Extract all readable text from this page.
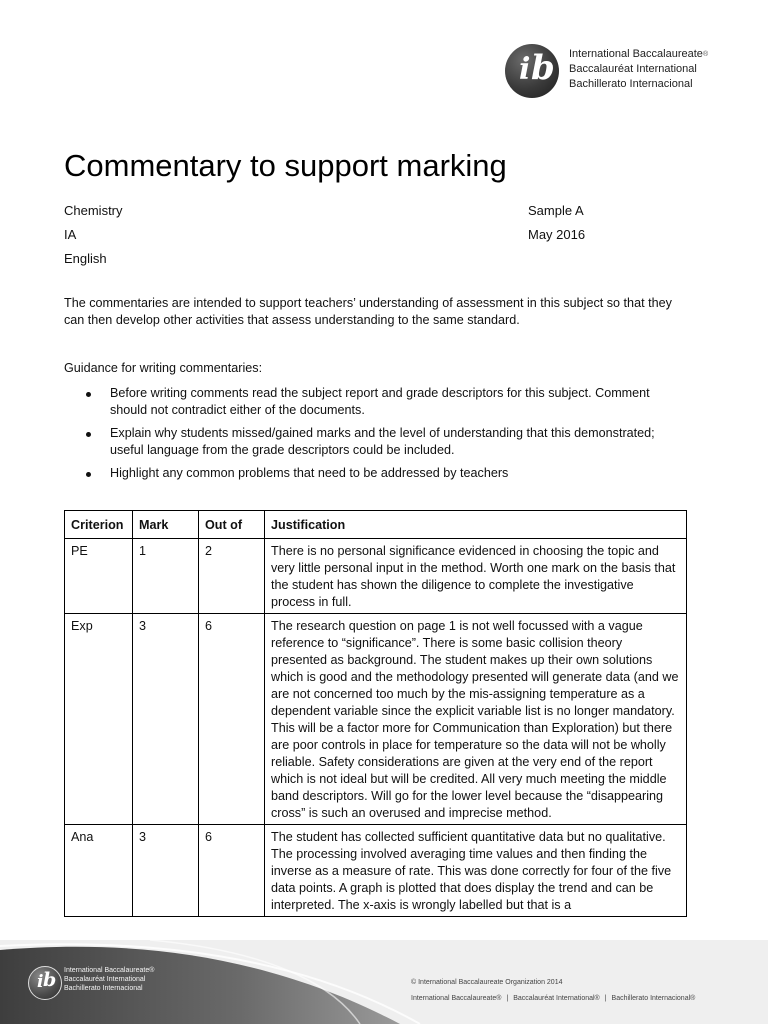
i b International Baccalaureate®
Baccalauréat International
Bachillerato Internacional
Commentary to support marking
Chemistry
IA
English
Sample A
May 2016
The commentaries are intended to support teachers’ understanding of assessment in this subject so that they can then develop other activities that assess understanding to the same standard.
Guidance for writing commentaries:
Before writing comments read the subject report and grade descriptors for this subject. Comment should not contradict either of the documents.
Explain why students missed/gained marks and the level of understanding that this demonstrated; useful language from the grade descriptors could be included.
Highlight any common problems that need to be addressed by teachers
Criterion	Mark	Out of	Justification
PE	1	2	There is no personal significance evidenced in choosing the topic and very little personal input in the method. Worth one mark on the basis that the student has shown the diligence to complete the investigative process in full.
Exp	3	6	The research question on page 1 is not well focussed with a vague reference to “significance”. There is some basic collision theory presented as background. The student makes up their own solutions which is good and the methodology presented will generate data (and we are not concerned too much by the mis-assigning temperature as a dependent variable since the explicit variable list is no longer mandatory. This will be a factor more for Communication than Exploration) but there are poor controls in place for temperature so the data will not be wholly reliable. Safety considerations are given at the very end of the report which is not ideal but will be credited. All very much meeting the middle band descriptors. Will go for the lower level because the “disappearing cross” is such an overused and imprecise method.
Ana	3	6	The student has collected sufficient quantitative data but no qualitative. The processing involved averaging time values and then finding the inverse as a measure of rate. This was done correctly for four of the five data points. A graph is plotted that does display the trend and can be interpreted. The x-axis is wrongly labelled but that is a
i b International Baccalaureate®
Baccalauréat International
Bachillerato Internacional
© International Baccalaureate Organization 2014
International Baccalaureate® | Baccalauréat International® | Bachillerato Internacional®
